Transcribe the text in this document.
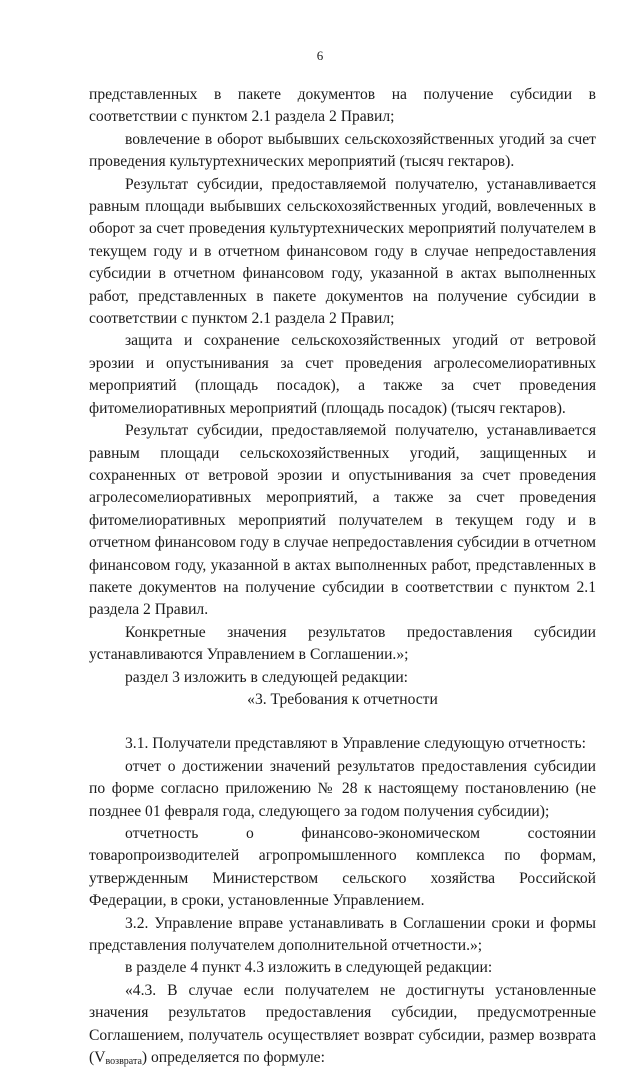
6

представленных в пакете документов на получение субсидии в соответствии с пунктом 2.1 раздела 2 Правил;

вовлечение в оборот выбывших сельскохозяйственных угодий за счет проведения культуртехнических мероприятий (тысяч гектаров).

Результат субсидии, предоставляемой получателю, устанавливается равным площади выбывших сельскохозяйственных угодий, вовлеченных в оборот за счет проведения культуртехнических мероприятий получателем в текущем году и в отчетном финансовом году в случае непредоставления субсидии в отчетном финансовом году, указанной в актах выполненных работ, представленных в пакете документов на получение субсидии в соответствии с пунктом 2.1 раздела 2 Правил;

защита и сохранение сельскохозяйственных угодий от ветровой эрозии и опустынивания за счет проведения агролесомелиоративных мероприятий (площадь посадок), а также за счет проведения фитомелиоративных мероприятий (площадь посадок) (тысяч гектаров).

Результат субсидии, предоставляемой получателю, устанавливается равным площади сельскохозяйственных угодий, защищенных и сохраненных от ветровой эрозии и опустынивания за счет проведения агролесомелиоративных мероприятий, а также за счет проведения фитомелиоративных мероприятий получателем в текущем году и в отчетном финансовом году в случае непредоставления субсидии в отчетном финансовом году, указанной в актах выполненных работ, представленных в пакете документов на получение субсидии в соответствии с пунктом 2.1 раздела 2 Правил.

Конкретные значения результатов предоставления субсидии устанавливаются Управлением в Соглашении.»;

раздел 3 изложить в следующей редакции:

«3. Требования к отчетности

3.1. Получатели представляют в Управление следующую отчетность:

отчет о достижении значений результатов предоставления субсидии по форме согласно приложению № 28 к настоящему постановлению (не позднее 01 февраля года, следующего за годом получения субсидии);

отчетность о финансово-экономическом состоянии товаропроизводителей агропромышленного комплекса по формам, утвержденным Министерством сельского хозяйства Российской Федерации, в сроки, установленные Управлением.

3.2. Управление вправе устанавливать в Соглашении сроки и формы представления получателем дополнительной отчетности.»;

в разделе 4 пункт 4.3 изложить в следующей редакции:

«4.3. В случае если получателем не достигнуты установленные значения результатов предоставления субсидии, предусмотренные Соглашением, получатель осуществляет возврат субсидии, размер возврата $(V_{возврата})$ определяется по формуле:
